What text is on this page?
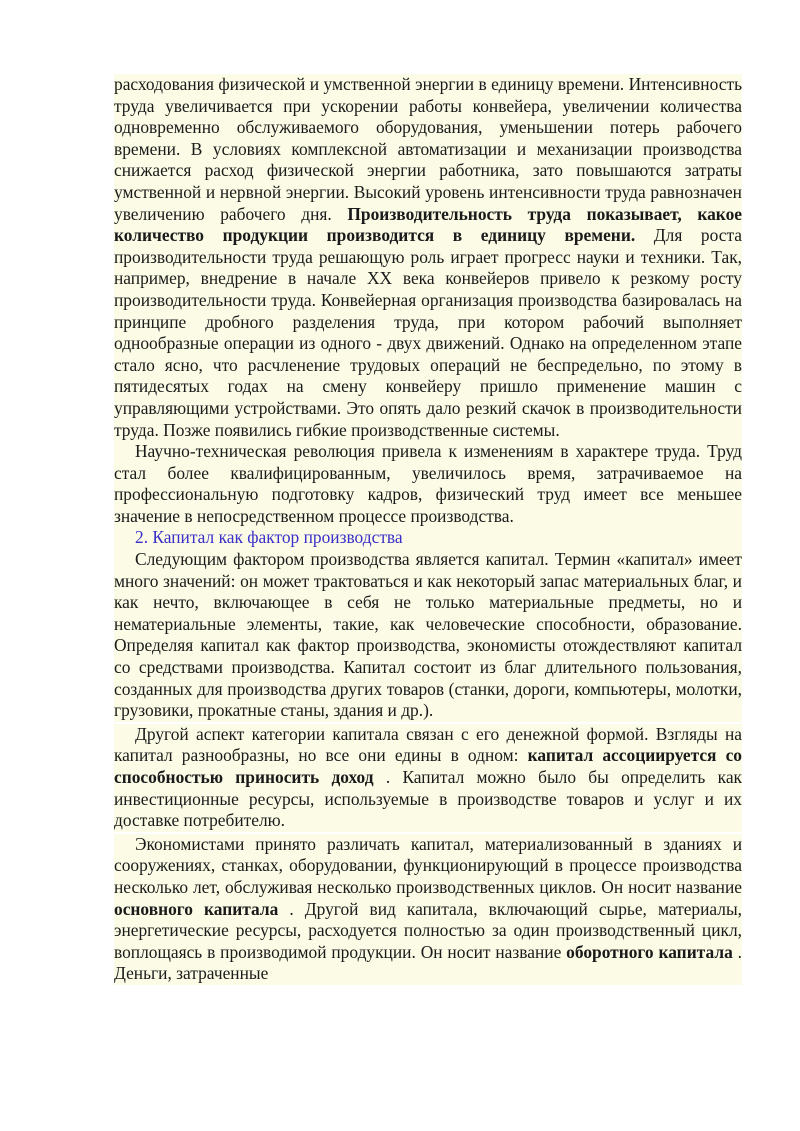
расходования физической и умственной энергии в единицу времени. Интенсивность труда увеличивается при ускорении работы конвейера, увеличении количества одновременно обслуживаемого оборудования, уменьшении потерь рабочего времени. В условиях комплексной автоматизации и механизации производства снижается расход физической энергии работника, зато повышаются затраты умственной и нервной энергии. Высокий уровень интенсивности труда равнозначен увеличению рабочего дня. Производительность труда показывает, какое количество продукции производится в единицу времени. Для роста производительности труда решающую роль играет прогресс науки и техники. Так, например, внедрение в начале XX века конвейеров привело к резкому росту производительности труда. Конвейерная организация производства базировалась на принципе дробного разделения труда, при котором рабочий выполняет однообразные операции из одного - двух движений. Однако на определенном этапе стало ясно, что расчленение трудовых операций не беспредельно, по этому в пятидесятых годах на смену конвейеру пришло применение машин с управляющими устройствами. Это опять дало резкий скачок в производительности труда. Позже появились гибкие производственные системы.

Научно-техническая революция привела к изменениям в характере труда. Труд стал более квалифицированным, увеличилось время, затрачиваемое на профессиональную подготовку кадров, физический труд имеет все меньшее значение в непосредственном процессе производства.

2. Капитал как фактор производства

Следующим фактором производства является капитал. Термин «капитал» имеет много значений: он может трактоваться и как некоторый запас материальных благ, и как нечто, включающее в себя не только материальные предметы, но и нематериальные элементы, такие, как человеческие способности, образование. Определяя капитал как фактор производства, экономисты отождествляют капитал со средствами производства. Капитал состоит из благ длительного пользования, созданных для производства других товаров (станки, дороги, компьютеры, молотки, грузовики, прокатные станы, здания и др.).

Другой аспект категории капитала связан с его денежной формой. Взгляды на капитал разнообразны, но все они едины в одном: капитал ассоциируется со способностью приносить доход . Капитал можно было бы определить как инвестиционные ресурсы, используемые в производстве товаров и услуг и их доставке потребителю.

Экономистами принято различать капитал, материализованный в зданиях и сооружениях, станках, оборудовании, функционирующий в процессе производства несколько лет, обслуживая несколько производственных циклов. Он носит название основного капитала . Другой вид капитала, включающий сырье, материалы, энергетические ресурсы, расходуется полностью за один производственный цикл, воплощаясь в производимой продукции. Он носит название оборотного капитала . Деньги, затраченные
